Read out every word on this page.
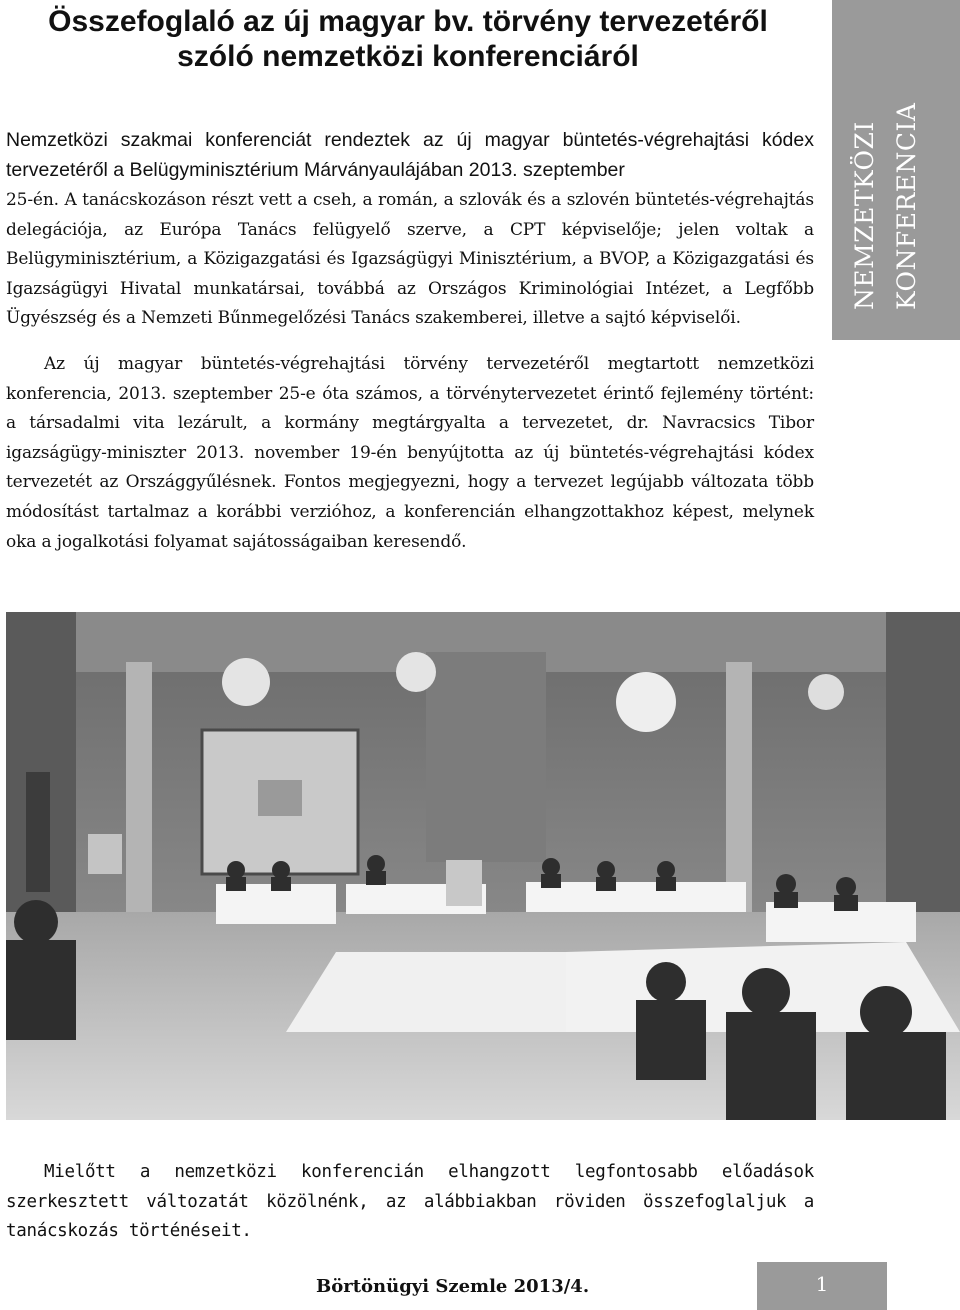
Összefoglaló az új magyar bv. törvény tervezetéről
szóló nemzetközi konferenciáról
NEMZETKÖZI KONFERENCIA

Nemzetközi szakmai konferenciát rendeztek az új magyar büntetés-végrehajtási kódex tervezetéről a Belügyminisztérium Márványaulájában 2013. szeptember

25-én. A tanácskozáson részt vett a cseh, a román, a szlovák és a szlovén büntetés-végrehajtás delegációja, az Európa Tanács felügyelő szerve, a CPT képviselője; jelen voltak a Belügyminisztérium, a Közigazgatási és Igazságügyi Minisztérium, a BVOP, a Közigazgatási és Igazságügyi Hivatal munkatársai, továbbá az Országos Kriminológiai Intézet, a Legfőbb Ügyészség és a Nemzeti Bűnmegelőzési Tanács szakemberei, illetve a sajtó képviselői.

Az új magyar büntetés-végrehajtási törvény tervezetéről megtartott nemzetközi konferencia, 2013. szeptember 25-e óta számos, a törvénytervezetet érintő fejlemény történt: a társadalmi vita lezárult, a kormány megtárgyalta a tervezetet, dr. Navracsics Tibor igazságügy-miniszter 2013. november 19-én benyújtotta az új büntetés-végrehajtási kódex tervezetét az Országgyűlésnek. Fontos megjegyezni, hogy a tervezet legújabb változata több módosítást tartalmaz a korábbi verzióhoz, a konferencián elhangzottakhoz képest, melynek oka a jogalkotási folyamat sajátosságaiban keresendő.

Mielőtt a nemzetközi konferencián elhangzott legfontosabb előadások szerkesztett változatát közölnénk, az alábbiakban röviden összefoglaljuk a tanácskozás történéseit.

Börtönügyi Szemle 2013/4.	1
